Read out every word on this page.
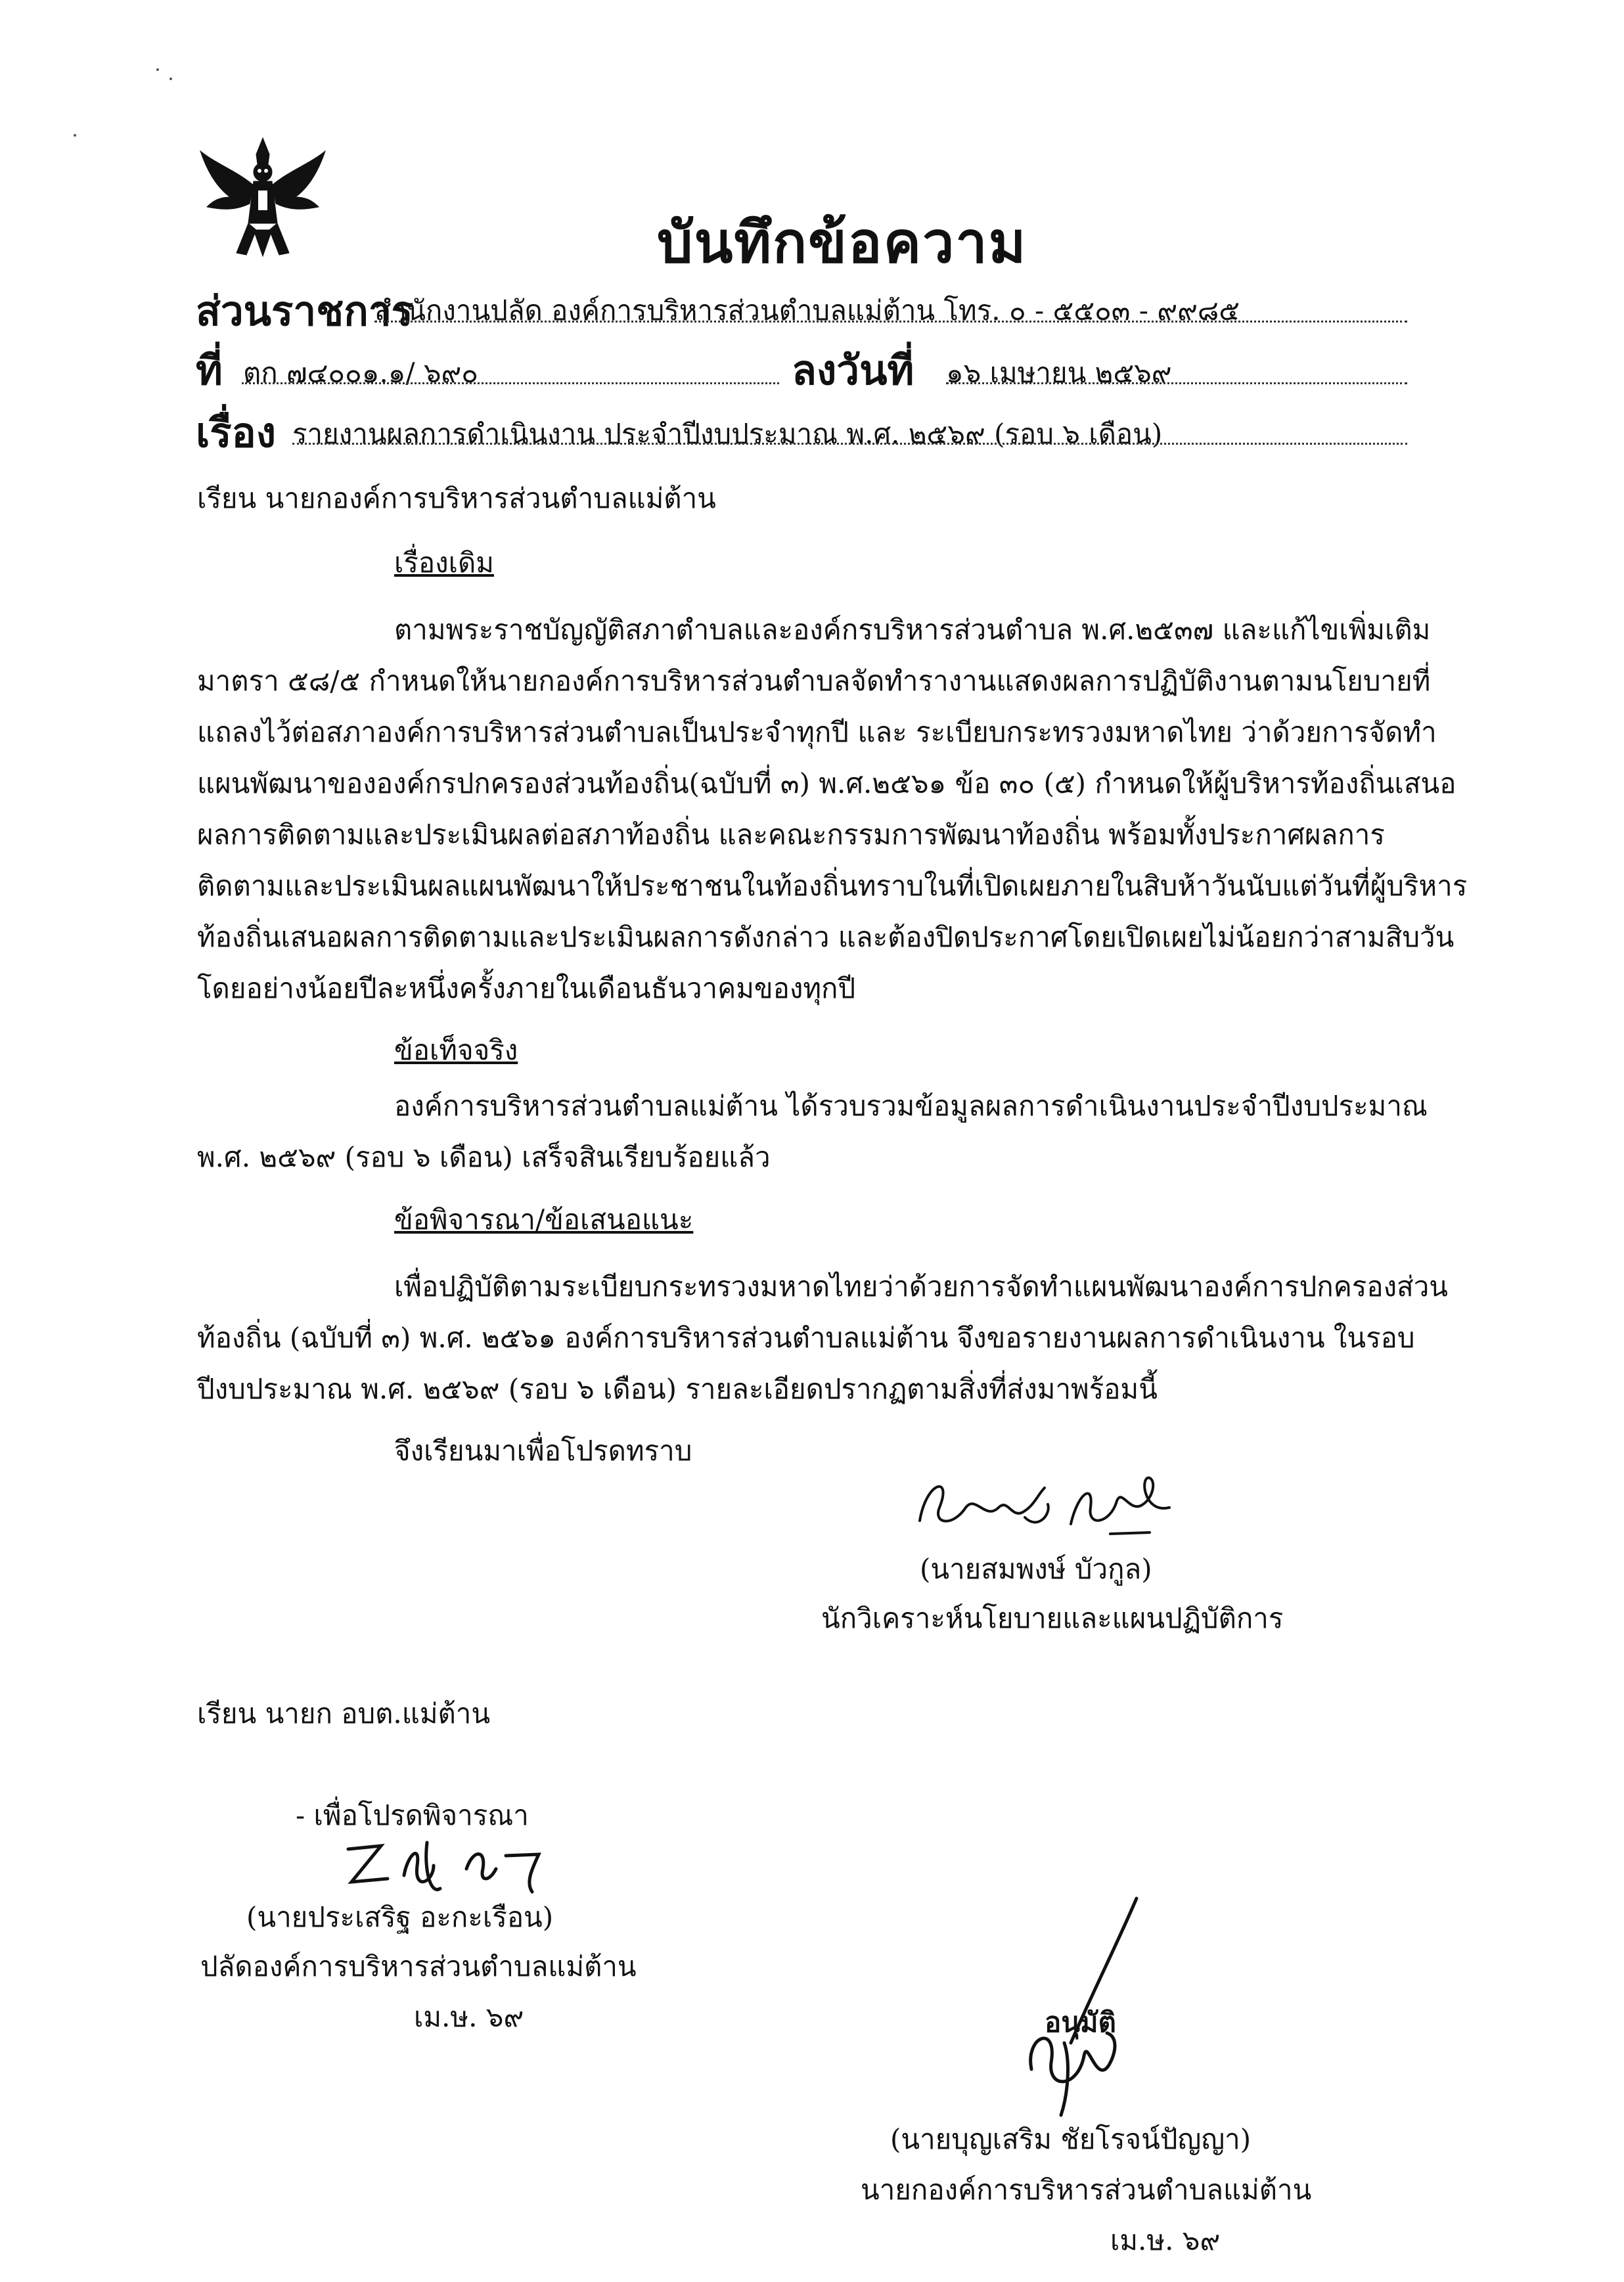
บันทึกข้อความ
ส่วนราชการ
สำนักงานปลัด องค์การบริหารส่วนตำบลแม่ต้าน โทร. ๐ - ๕๕๐๓ - ๙๙๘๕
ที่ ตก ๗๔๐๐๑.๑/ ๖๙๐	ลงวันที่ ๑๖ เมษายน ๒๕๖๙
เรื่อง รายงานผลการดำเนินงาน ประจำปีงบประมาณ พ.ศ. ๒๕๖๙ (รอบ ๖ เดือน)
เรียน นายกองค์การบริหารส่วนตำบลแม่ต้าน
เรื่องเดิม
ตามพระราชบัญญัติสภาตำบลและองค์กรบริหารส่วนตำบล พ.ศ.๒๕๓๗ และแก้ไขเพิ่มเติม
มาตรา ๕๘/๕ กำหนดให้นายกองค์การบริหารส่วนตำบลจัดทำรางานแสดงผลการปฏิบัติงานตามนโยบายที่
แถลงไว้ต่อสภาองค์การบริหารส่วนตำบลเป็นประจำทุกปี และ ระเบียบกระทรวงมหาดไทย ว่าด้วยการจัดทำ
แผนพัฒนาขององค์กรปกครองส่วนท้องถิ่น(ฉบับที่ ๓) พ.ศ.๒๕๖๑ ข้อ ๓๐ (๕) กำหนดให้ผู้บริหารท้องถิ่นเสนอ
ผลการติดตามและประเมินผลต่อสภาท้องถิ่น และคณะกรรมการพัฒนาท้องถิ่น พร้อมทั้งประกาศผลการ
ติดตามและประเมินผลแผนพัฒนาให้ประชาชนในท้องถิ่นทราบในที่เปิดเผยภายในสิบห้าวันนับแต่วันที่ผู้บริหาร
ท้องถิ่นเสนอผลการติดตามและประเมินผลการดังกล่าว และต้องปิดประกาศโดยเปิดเผยไม่น้อยกว่าสามสิบวัน
โดยอย่างน้อยปีละหนึ่งครั้งภายในเดือนธันวาคมของทุกปี
ข้อเท็จจริง
องค์การบริหารส่วนตำบลแม่ต้าน ได้รวบรวมข้อมูลผลการดำเนินงานประจำปีงบประมาณ
พ.ศ. ๒๕๖๙ (รอบ ๖ เดือน) เสร็จสินเรียบร้อยแล้ว
ข้อพิจารณา/ข้อเสนอแนะ
เพื่อปฏิบัติตามระเบียบกระทรวงมหาดไทยว่าด้วยการจัดทำแผนพัฒนาองค์การปกครองส่วน
ท้องถิ่น (ฉบับที่ ๓) พ.ศ. ๒๕๖๑ องค์การบริหารส่วนตำบลแม่ต้าน จึงขอรายงานผลการดำเนินงาน ในรอบ
ปีงบประมาณ พ.ศ. ๒๕๖๙ (รอบ ๖ เดือน) รายละเอียดปรากฏตามสิ่งที่ส่งมาพร้อมนี้
จึงเรียนมาเพื่อโปรดทราบ
(นายสมพงษ์ บัวกูล)
นักวิเคราะห์นโยบายและแผนปฏิบัติการ
เรียน นายก อบต.แม่ต้าน
- เพื่อโปรดพิจารณา
(นายประเสริฐ อะกะเรือน)
ปลัดองค์การบริหารส่วนตำบลแม่ต้าน
เม.ษ. ๖๙	อนุมัติ
(นายบุญเสริม ชัยโรจน์ปัญญา)
นายกองค์การบริหารส่วนตำบลแม่ต้าน
เม.ษ. ๖๙
